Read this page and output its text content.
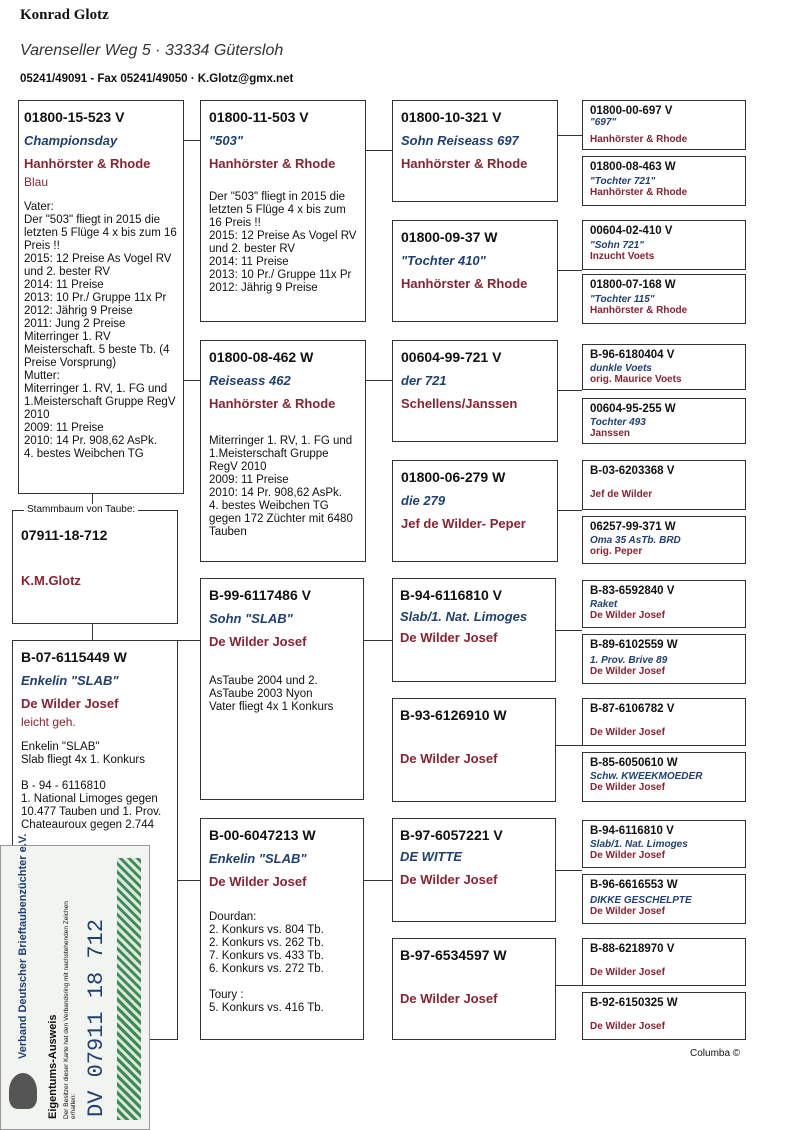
Konrad Glotz
Varenseller Weg 5 · 33334 Gütersloh
05241/49091 - Fax 05241/49050 · K.Glotz@gmx.net
01800-15-523 V
Championsday
Hanhörster & Rhode
Blau
Vater:
Der "503" fliegt in 2015 die letzten 5 Flüge 4 x bis zum 16 Preis !!
2015: 12 Preise As Vogel RV und 2. bester RV
2014: 11 Preise
2013: 10 Pr./ Gruppe 11x Pr
2012: Jährig 9 Preise
2011: Jung 2 Preise
Miterringer 1. RV Meisterschaft. 5 beste Tb. (4 Preise Vorsprung)
Mutter:
Miterringer 1. RV, 1. FG und 1.Meisterschaft Gruppe RegV 2010
2009: 11 Preise
2010: 14 Pr. 908,62 AsPk.
4. bestes Weibchen TG
07911-18-712
K.M.Glotz
Stammbaum von Taube:
01800-11-503 V
"503"
Hanhörster & Rhode
Der "503" fliegt in 2015 die letzten 5 Flüge 4 x bis zum 16 Preis !!
2015: 12 Preise As Vogel RV und 2. bester RV
2014: 11 Preise
2013: 10 Pr./ Gruppe 11x Pr
2012: Jährig 9 Preise
01800-08-462 W
Reiseass 462
Hanhörster & Rhode
Miterringer 1. RV, 1. FG und 1.Meisterschaft Gruppe RegV 2010
2009: 11 Preise
2010: 14 Pr. 908,62 AsPk.
4. bestes Weibchen TG gegen 172 Züchter mit 6480 Tauben
01800-10-321 V
Sohn Reiseass 697
Hanhörster & Rhode
01800-09-37 W
"Tochter 410"
Hanhörster & Rhode
00604-99-721 V
der 721
Schellens/Janssen
01800-06-279 W
die 279
Jef de Wilder- Peper
01800-00-697 V
"697"
Hanhörster & Rhode
01800-08-463 W
"Tochter 721"
Hanhörster & Rhode
00604-02-410 V
"Sohn 721"
Inzucht Voets
01800-07-168 W
"Tochter 115"
Hanhörster & Rhode
B-96-6180404 V
dunkle Voets
orig. Maurice Voets
00604-95-255 W
Tochter 493
Janssen
B-03-6203368 V
Jef de Wilder
06257-99-371 W
Oma 35 AsTb. BRD
orig. Peper
B-07-6115449 W
Enkelin "SLAB"
De Wilder Josef
leicht geh.
Enkelin "SLAB"
Slab fliegt 4x 1. Konkurs

B - 94 - 6116810
1. National Limoges gegen 10.477 Tauben und 1. Prov. Chateauroux gegen 2.744
B-99-6117486 V
Sohn "SLAB"
De Wilder Josef
AsTaube 2004 und 2. AsTaube 2003 Nyon
Vater fliegt 4x 1 Konkurs
B-00-6047213 W
Enkelin "SLAB"
De Wilder Josef
Dourdan:
2. Konkurs vs. 804 Tb.
2. Konkurs vs. 262 Tb.
7. Konkurs vs. 433 Tb.
6. Konkurs vs. 272 Tb.

Toury :
5. Konkurs vs. 416 Tb.
B-94-6116810 V
Slab/1. Nat. Limoges
De Wilder Josef
B-93-6126910 W
De Wilder Josef
B-97-6057221 V
DE WITTE
De Wilder Josef
B-97-6534597 W
De Wilder Josef
B-83-6592840 V
Raket
De Wilder Josef
B-89-6102559 W
1. Prov. Brive 89
De Wilder Josef
B-87-6106782 V
De Wilder Josef
B-85-6050610 W
Schw. KWEEKMOEDER
De Wilder Josef
B-94-6116810 V
Slab/1. Nat. Limoges
De Wilder Josef
B-96-6616553 W
DIKKE GESCHELPTE
De Wilder Josef
B-88-6218970 V
De Wilder Josef
B-92-6150325 W
De Wilder Josef
Columba ©
Verband Deutscher Brieftaubenzüchter e.V.
Eigentums-Ausweis Der Besitzer dieser Karte hat den Verbandsring mit nachstehenden Zeichen erhalten: DV 07911 18 712
